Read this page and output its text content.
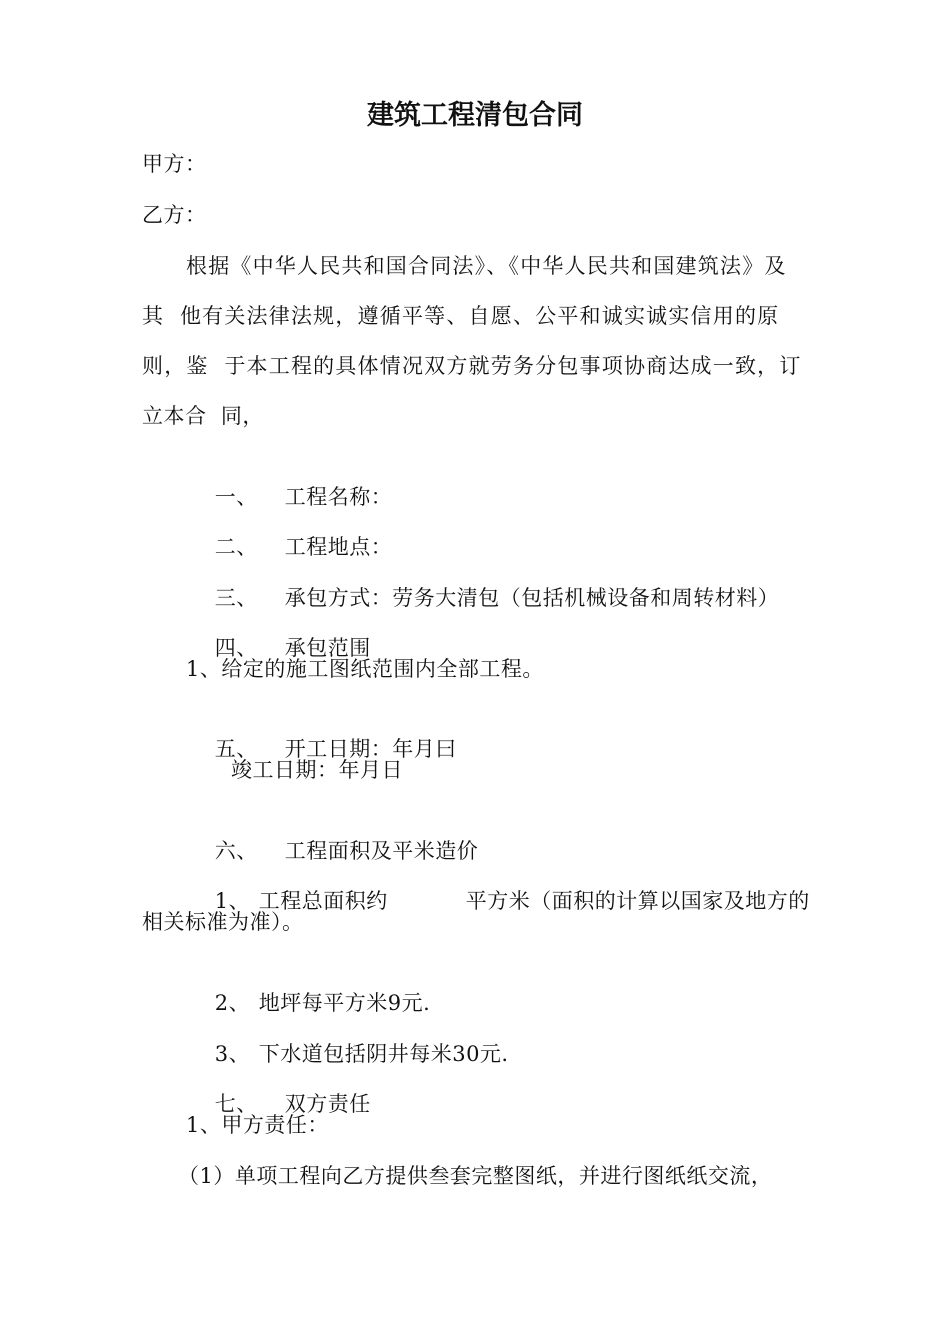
建筑工程清包合同
甲方：
乙方：
根据《中华人民共和国合同法》、《中华人民共和国建筑法》及
其  他有关法律法规，遵循平等、自愿、公平和诚实诚实信用的原
则，鉴  于本工程的具体情况双方就劳务分包事项协商达成一致，订
立本合  同，

一、 工程名称：

二、 工程地点：

三、 承包方式：劳务大清包（包括机械设备和周转材料）

四、 承包范围

1、给定的施工图纸范围内全部工程。

五、 开工日期：年月曰

竣工日期：年月日

六、 工程面积及平米造价

1、 工程总面积约	平方米（面积的计算以国家及地方的

相关标准为准）。

2、 地坪每平方米9元.

3、 下水道包括阴井每米30元.

七、 双方责任

1、甲方责任：
（1）单项工程向乙方提供叁套完整图纸，并进行图纸纸交流，
